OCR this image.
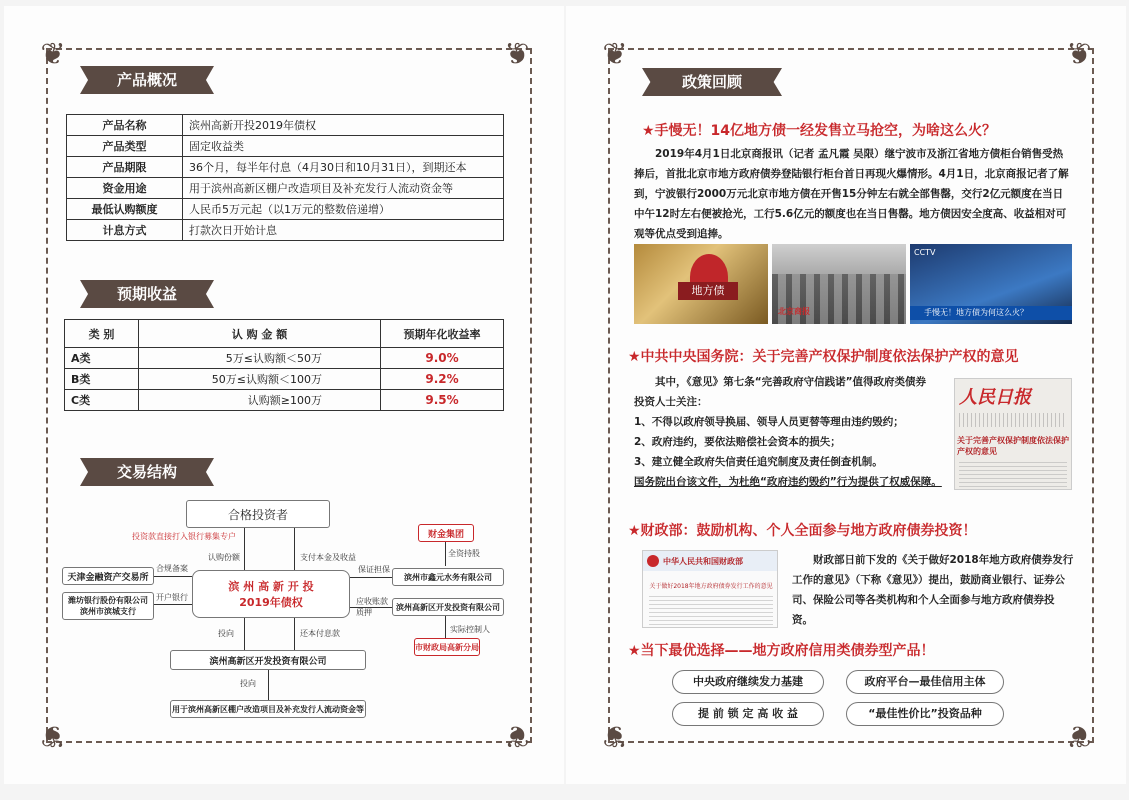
❦	❦
❦	❦
产品概况
产品名称	滨州高新开投2019年债权
产品类型	固定收益类
产品期限	36个月，每半年付息（4月30日和10月31日），到期还本
资金用途	用于滨州高新区棚户改造项目及补充发行人流动资金等
最低认购额度	人民币5万元起（以1万元的整数倍递增）
计息方式	打款次日开始计息
预期收益
类 别	认 购 金 额	预期年化收益率
A类	5万≤认购额＜50万	9.0%
B类	50万≤认购额＜100万	9.2%
C类	认购额≥100万	9.5%
交易结构
合格投资者
投资款直接打入银行募集专户
认购份额	支付本金及收益
滨 州 高 新 开 投
2019年债权
天津金融资产交易所
合规备案
潍坊银行股份有限公司
滨州市滨城支行
开户银行
财金集团
全资持股
滨州市鑫元水务有限公司
保证担保
滨州高新区开发投资有限公司
应收账款质押
实际控制人
市财政局高新分局
投向	还本付息款
滨州高新区开发投资有限公司
投向
用于滨州高新区棚户改造项目及补充发行人流动资金等
❦	❦
❦	❦
政策回顾
★手慢无！14亿地方债一经发售立马抢空，为啥这么火？
2019年4月1日北京商报讯（记者 孟凡霞 吴限）继宁波市及浙江省地方债柜台销售受热捧后，首批北京市地方政府债券登陆银行柜台首日再现火爆情形。4月1日，北京商报记者了解到，宁波银行2000万元北京市地方债在开售15分钟左右就全部售罄，交行2亿元额度在当日中午12时左右便被抢光，工行5.6亿元的额度也在当日售罄。地方债因安全度高、收益相对可观等优点受到追捧。
地方债
北京商报
CCTV
手慢无！地方债为何这么火？
★中共中央国务院：关于完善产权保护制度依法保护产权的意见
其中，《意见》第七条“完善政府守信践诺”值得政府类债券投资人士关注：
1、不得以政府领导换届、领导人员更替等理由违约毁约；
2、政府违约，要依法赔偿社会资本的损失；
3、建立健全政府失信责任追究制度及责任倒查机制。
国务院出台该文件，为杜绝“政府违约毁约”行为提供了权威保障。
人民日报
关于完善产权保护制度依法保护产权的意见
★财政部：鼓励机构、个人全面参与地方政府债券投资！
中华人民共和国财政部
关于做好2018年地方政府债券发行工作的意见
财政部日前下发的《关于做好2018年地方政府债券发行工作的意见》（下称《意见》）提出，鼓励商业银行、证券公司、保险公司等各类机构和个人全面参与地方政府债券投资。
★当下最优选择——地方政府信用类债券型产品！
中央政府继续发力基建	政府平台—最佳信用主体
提 前 锁 定 高 收 益	“最佳性价比”投资品种
